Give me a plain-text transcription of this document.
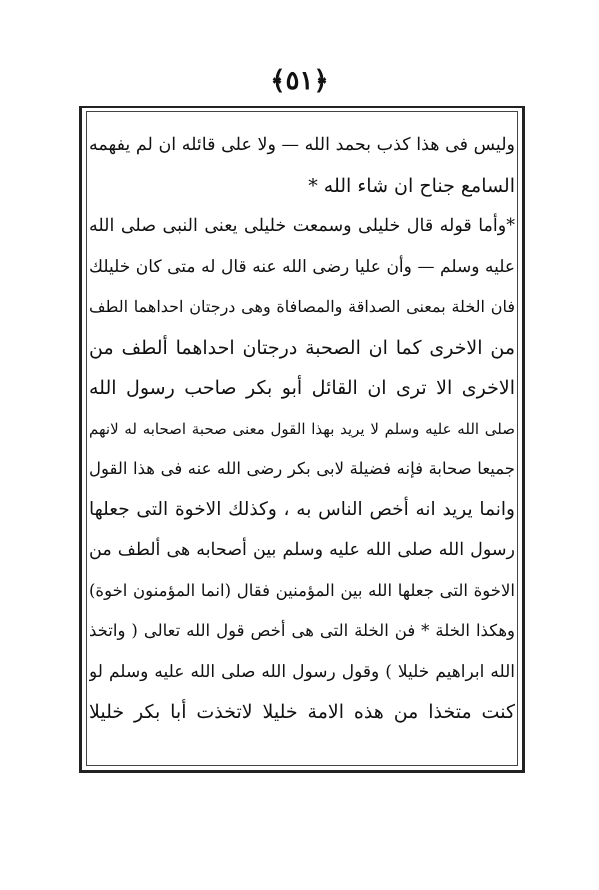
﴿٥١﴾
وليس فى هذا كذب بحمد الله — ولا على قائله ان لم يفهمه
السامع جناح ان شاء الله *
*وأما قوله قال خليلى وسمعت خليلى يعنى النبى صلى الله
عليه وسلم — وأن عليا رضى الله عنه قال له متى كان خليلك
فان الخلة بمعنى الصداقة والمصافاة وهى درجتان احداهما الطف
من الاخرى كما ان الصحبة درجتان احداهما ألطف من
الاخرى الا ترى ان القائل أبو بكر صاحب رسول الله
صلى الله عليه وسلم لا يريد بهذا القول معنى صحبة اصحابه له لانهم
جميعا صحابة فإنه فضيلة لابى بكر رضى الله عنه فى هذا القول
وانما يريد انه أخص الناس به ، وكذلك الاخوة التى جعلها
رسول الله صلى الله عليه وسلم بين أصحابه هى ألطف من
الاخوة التى جعلها الله بين المؤمنين فقال (انما المؤمنون اخوة)
وهكذا الخلة * فن الخلة التى هى أخص قول الله تعالى ( واتخذ
الله ابراهيم خليلا ) وقول رسول الله صلى الله عليه وسلم لو
كنت متخذا من هذه الامة خليلا لاتخذت أبا بكر خليلا
